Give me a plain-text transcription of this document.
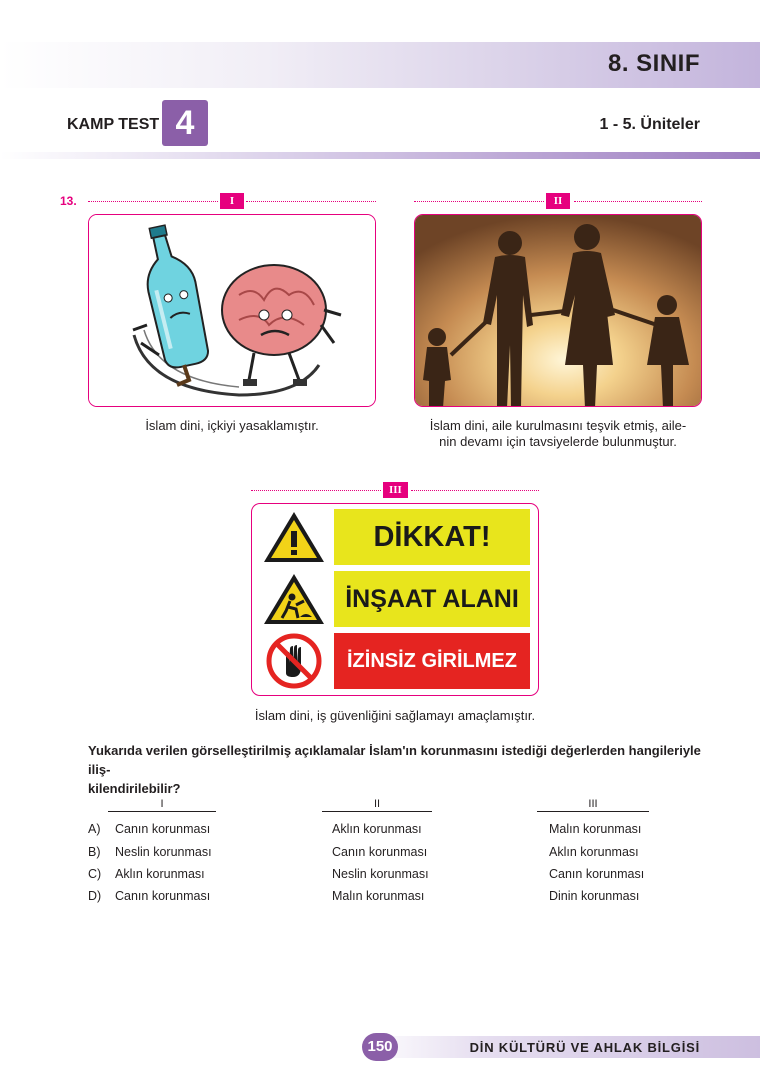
8. SINIF
KAMP TEST 4	1 - 5. Üniteler
13.	I
İslam dini, içkiyi yasaklamıştır.
II
İslam dini, aile kurulmasını teşvik etmiş, aile-
nin devamı için tavsiyelerde bulunmuştur.
III
DİKKAT!
İNŞAAT ALANI
İZİNSİZ GİRİLMEZ
İslam dini, iş güvenliğini sağlamayı amaçlamıştır.
Yukarıda verilen görselleştirilmiş açıklamalar İslam'ın korunmasını istediği değerlerden hangileriyle iliş-
kilendirilebilir?
I	II	III
A) Canın korunması	Aklın korunması	Malın korunması
B) Neslin korunması	Canın korunması	Aklın korunması
C) Aklın korunması	Neslin korunması	Canın korunması
D) Canın korunması	Malın korunması	Dinin korunması
150	DİN KÜLTÜRÜ VE AHLAK BİLGİSİ
